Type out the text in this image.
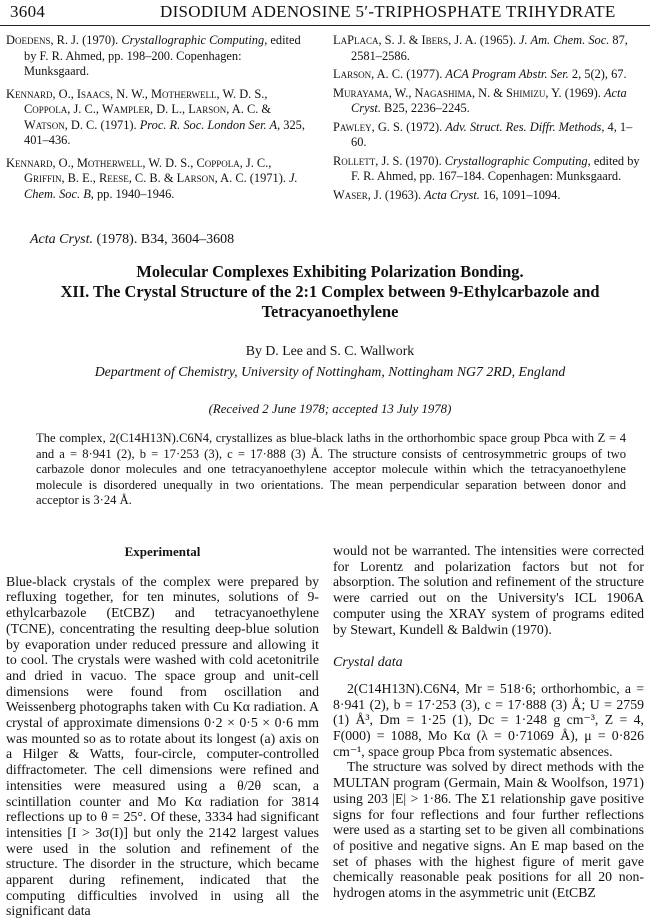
3604	DISODIUM ADENOSINE 5′-TRIPHOSPHATE TRIHYDRATE

Doedens, R. J. (1970). Crystallographic Computing, edited by F. R. Ahmed, pp. 198–200. Copenhagen: Munksgaard.

Kennard, O., Isaacs, N. W., Motherwell, W. D. S., Coppola, J. C., Wampler, D. L., Larson, A. C. & Watson, D. C. (1971). Proc. R. Soc. London Ser. A, 325, 401–436.

Kennard, O., Motherwell, W. D. S., Coppola, J. C., Griffin, B. E., Reese, C. B. & Larson, A. C. (1971). J. Chem. Soc. B, pp. 1940–1946.

LaPlaca, S. J. & Ibers, J. A. (1965). J. Am. Chem. Soc. 87, 2581–2586.

Larson, A. C. (1977). ACA Program Abstr. Ser. 2, 5(2), 67.

Murayama, W., Nagashima, N. & Shimizu, Y. (1969). Acta Cryst. B25, 2236–2245.

Pawley, G. S. (1972). Adv. Struct. Res. Diffr. Methods, 4, 1–60.

Rollett, J. S. (1970). Crystallographic Computing, edited by F. R. Ahmed, pp. 167–184. Copenhagen: Munksgaard.

Waser, J. (1963). Acta Cryst. 16, 1091–1094.

Acta Cryst. (1978). B34, 3604–3608
Molecular Complexes Exhibiting Polarization Bonding.
XII. The Crystal Structure of the 2:1 Complex between 9-Ethylcarbazole and
Tetracyanoethylene
By D. Lee and S. C. Wallwork
Department of Chemistry, University of Nottingham, Nottingham NG7 2RD, England
(Received 2 June 1978; accepted 13 July 1978)
The complex, 2(C14H13N).C6N4, crystallizes as blue-black laths in the orthorhombic space group Pbca with Z = 4 and a = 8·941 (2), b = 17·253 (3), c = 17·888 (3) Å. The structure consists of centrosymmetric groups of two carbazole donor molecules and one tetracyanoethylene acceptor molecule within which the tetracyanoethylene molecule is disordered unequally in two orientations. The mean perpendicular separation between donor and acceptor is 3·24 Å.
Experimental

Blue-black crystals of the complex were prepared by refluxing together, for ten minutes, solutions of 9-ethylcarbazole (EtCBZ) and tetracyanoethylene (TCNE), concentrating the resulting deep-blue solution by evaporation under reduced pressure and allowing it to cool. The crystals were washed with cold acetonitrile and dried in vacuo. The space group and unit-cell dimensions were found from oscillation and Weissenberg photographs taken with Cu Kα radiation. A crystal of approximate dimensions 0·2 × 0·5 × 0·6 mm was mounted so as to rotate about its longest (a) axis on a Hilger & Watts, four-circle, computer-controlled diffractometer. The cell dimensions were refined and intensities were measured using a θ/2θ scan, a scintillation counter and Mo Kα radiation for 3814 reflections up to θ = 25°. Of these, 3334 had significant intensities [I > 3σ(I)] but only the 2142 largest values were used in the solution and refinement of the structure. The disorder in the structure, which became apparent during refinement, indicated that the computing difficulties involved in using all the significant data

would not be warranted. The intensities were corrected for Lorentz and polarization factors but not for absorption. The solution and refinement of the structure were carried out on the University's ICL 1906A computer using the XRAY system of programs edited by Stewart, Kundell & Baldwin (1970).

Crystal data

2(C14H13N).C6N4, Mr = 518·6; orthorhombic, a = 8·941 (2), b = 17·253 (3), c = 17·888 (3) Å; U = 2759 (1) Å³, Dm = 1·25 (1), Dc = 1·248 g cm⁻³, Z = 4, F(000) = 1088, Mo Kα (λ = 0·71069 Å), μ = 0·826 cm⁻¹, space group Pbca from systematic absences.

The structure was solved by direct methods with the MULTAN program (Germain, Main & Woolfson, 1971) using 203 |E| > 1·86. The Σ1 relationship gave positive signs for four reflections and four further reflections were used as a starting set to be given all combinations of positive and negative signs. An E map based on the set of phases with the highest figure of merit gave chemically reasonable peak positions for all 20 non-hydrogen atoms in the asymmetric unit (EtCBZ
